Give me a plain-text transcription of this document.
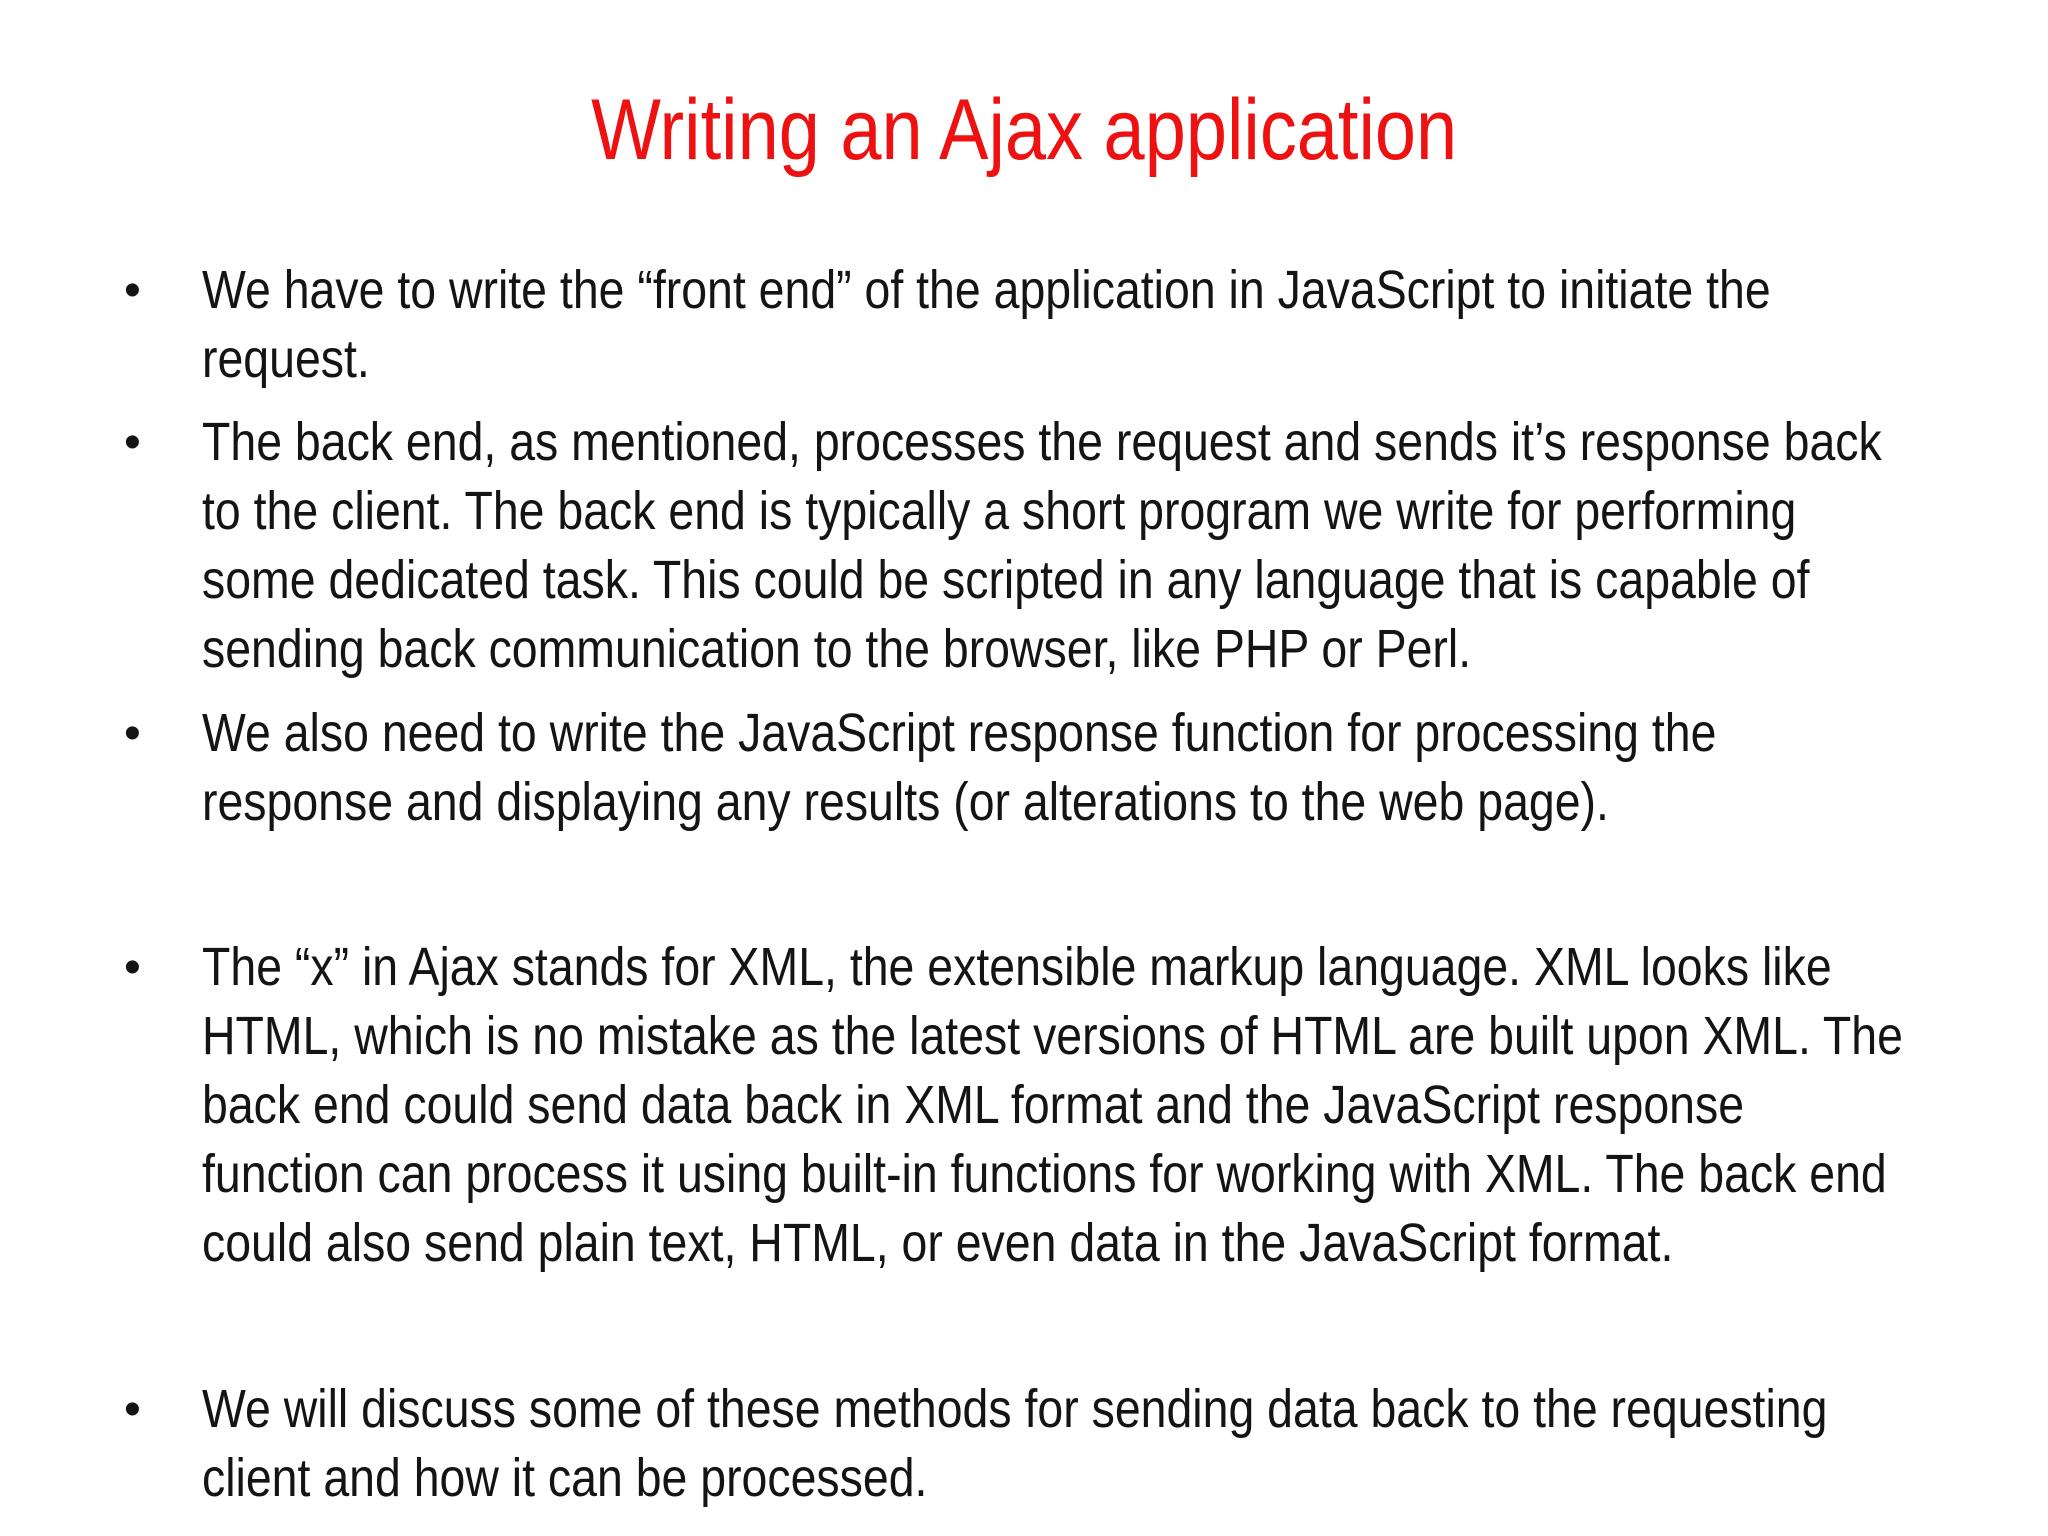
Writing an Ajax application
• We have to write the “front end” of the application in JavaScript to initiate the
request.
• The back end, as mentioned, processes the request and sends it’s response back
to the client. The back end is typically a short program we write for performing
some dedicated task. This could be scripted in any language that is capable of
sending back communication to the browser, like PHP or Perl.
• We also need to write the JavaScript response function for processing the
response and displaying any results (or alterations to the web page).
• The “x” in Ajax stands for XML, the extensible markup language. XML looks like
HTML, which is no mistake as the latest versions of HTML are built upon XML. The
back end could send data back in XML format and the JavaScript response
function can process it using built-in functions for working with XML. The back end
could also send plain text, HTML, or even data in the JavaScript format.
• We will discuss some of these methods for sending data back to the requesting
client and how it can be processed.
